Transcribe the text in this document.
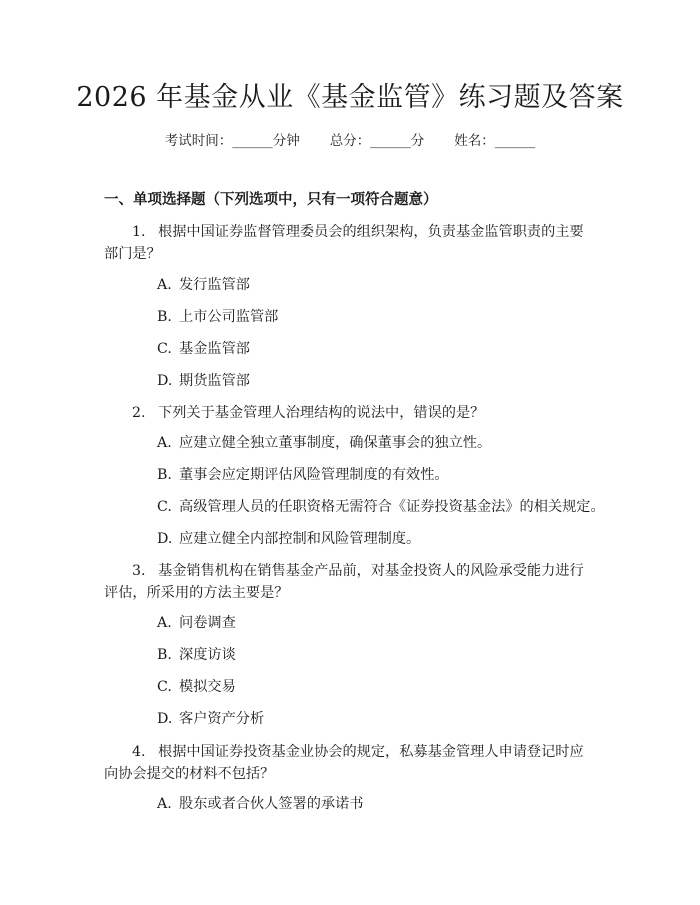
2026 年基金从业《基金监管》练习题及答案
考试时间：______分钟 总分：______分 姓名：______
一、单项选择题（下列选项中，只有一项符合题意）
1. 根据中国证券监督管理委员会的组织架构，负责基金监管职责的主要部门是？
A. 发行监管部
B. 上市公司监管部
C. 基金监管部
D. 期货监管部
2. 下列关于基金管理人治理结构的说法中，错误的是？
A. 应建立健全独立董事制度，确保董事会的独立性。
B. 董事会应定期评估风险管理制度的有效性。
C. 高级管理人员的任职资格无需符合《证券投资基金法》的相关规定。
D. 应建立健全内部控制和风险管理制度。
3. 基金销售机构在销售基金产品前，对基金投资人的风险承受能力进行评估，所采用的方法主要是？
A. 问卷调查
B. 深度访谈
C. 模拟交易
D. 客户资产分析
4. 根据中国证券投资基金业协会的规定，私募基金管理人申请登记时应向协会提交的材料不包括？
A. 股东或者合伙人签署的承诺书
